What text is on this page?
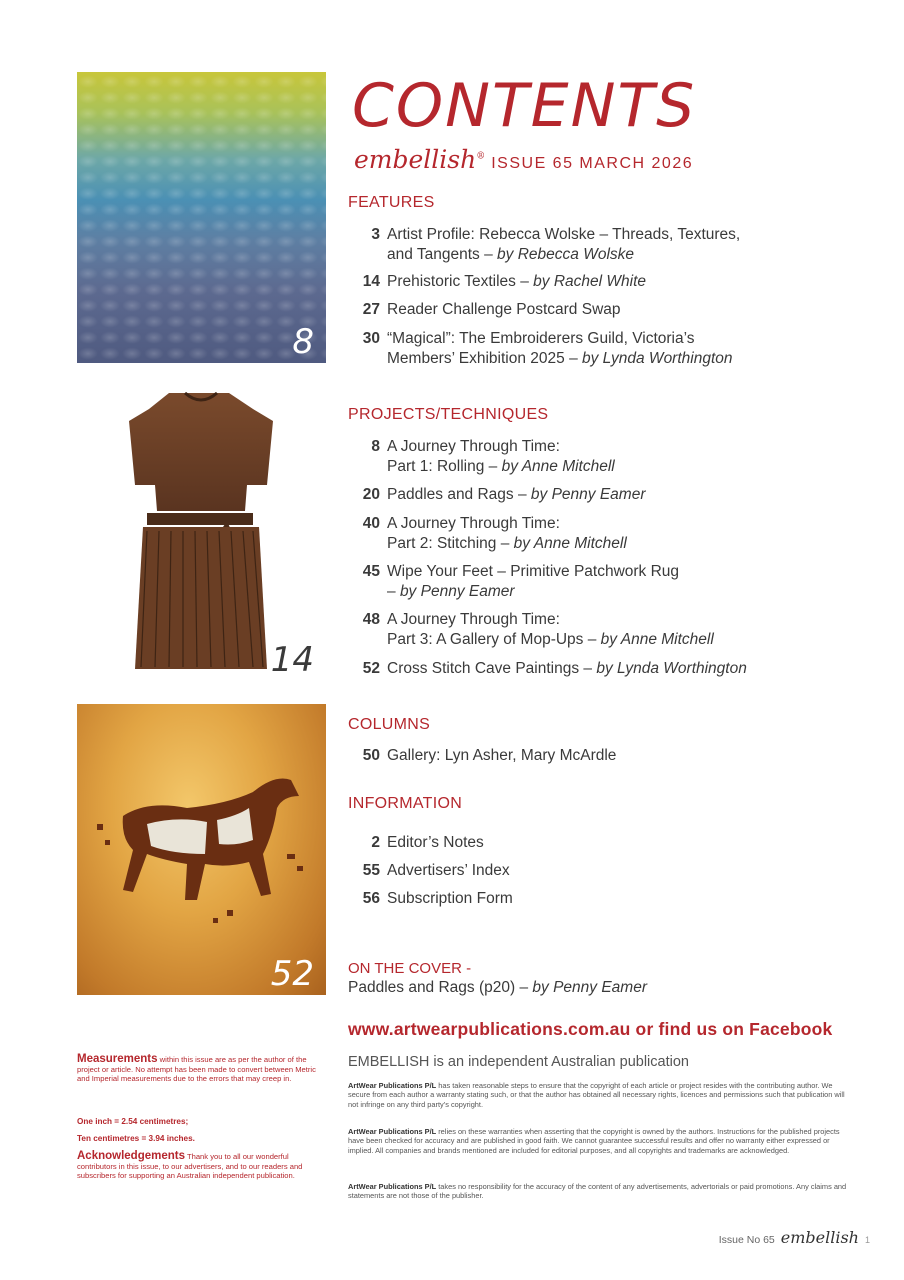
8
14
52
CONTENTS
embellish® ISSUE 65 MARCH 2026
FEATURES
3 Artist Profile: Rebecca Wolske – Threads, Textures,
and Tangents – by Rebecca Wolske
14 Prehistoric Textiles – by Rachel White
27 Reader Challenge Postcard Swap
30 “Magical”: The Embroiderers Guild, Victoria’s
Members’ Exhibition 2025 – by Lynda Worthington
PROJECTS/TECHNIQUES
8 A Journey Through Time:
Part 1: Rolling – by Anne Mitchell
20 Paddles and Rags – by Penny Eamer
40 A Journey Through Time:
Part 2: Stitching – by Anne Mitchell
45 Wipe Your Feet – Primitive Patchwork Rug
– by Penny Eamer
48 A Journey Through Time:
Part 3: A Gallery of Mop-Ups – by Anne Mitchell
52 Cross Stitch Cave Paintings – by Lynda Worthington
COLUMNS
50 Gallery: Lyn Asher, Mary McArdle
INFORMATION
2 Editor’s Notes
55 Advertisers’ Index
56 Subscription Form
ON THE COVER -
Paddles and Rags (p20) – by Penny Eamer
www.artwearpublications.com.au or find us on Facebook
EMBELLISH is an independent Australian publication
ArtWear Publications P/L has taken reasonable steps to ensure that the copyright of each article or project resides with the contributing author. We secure from each author a warranty stating such, or that the author has obtained all necessary rights, licences and permissions such that publication will not infringe on any third party’s copyright.
ArtWear Publications P/L relies on these warranties when asserting that the copyright is owned by the authors. Instructions for the published projects have been checked for accuracy and are published in good faith. We cannot guarantee successful results and offer no warranty either expressed or implied. All companies and brands mentioned are included for editorial purposes, and all copyrights and trademarks are acknowledged.
ArtWear Publications P/L takes no responsibility for the accuracy of the content of any advertisements, advertorials or paid promotions. Any claims and statements are not those of the publisher.
Measurements within this issue are as per the author of the project or article. No attempt has been made to convert between Metric and Imperial measurements due to the errors that may creep in.
One inch = 2.54 centimetres;
Ten centimetres = 3.94 inches.
Acknowledgements Thank you to all our wonderful contributors in this issue, to our advertisers, and to our readers and subscribers for supporting an Australian independent publication.
Issue No 65 embellish 1
